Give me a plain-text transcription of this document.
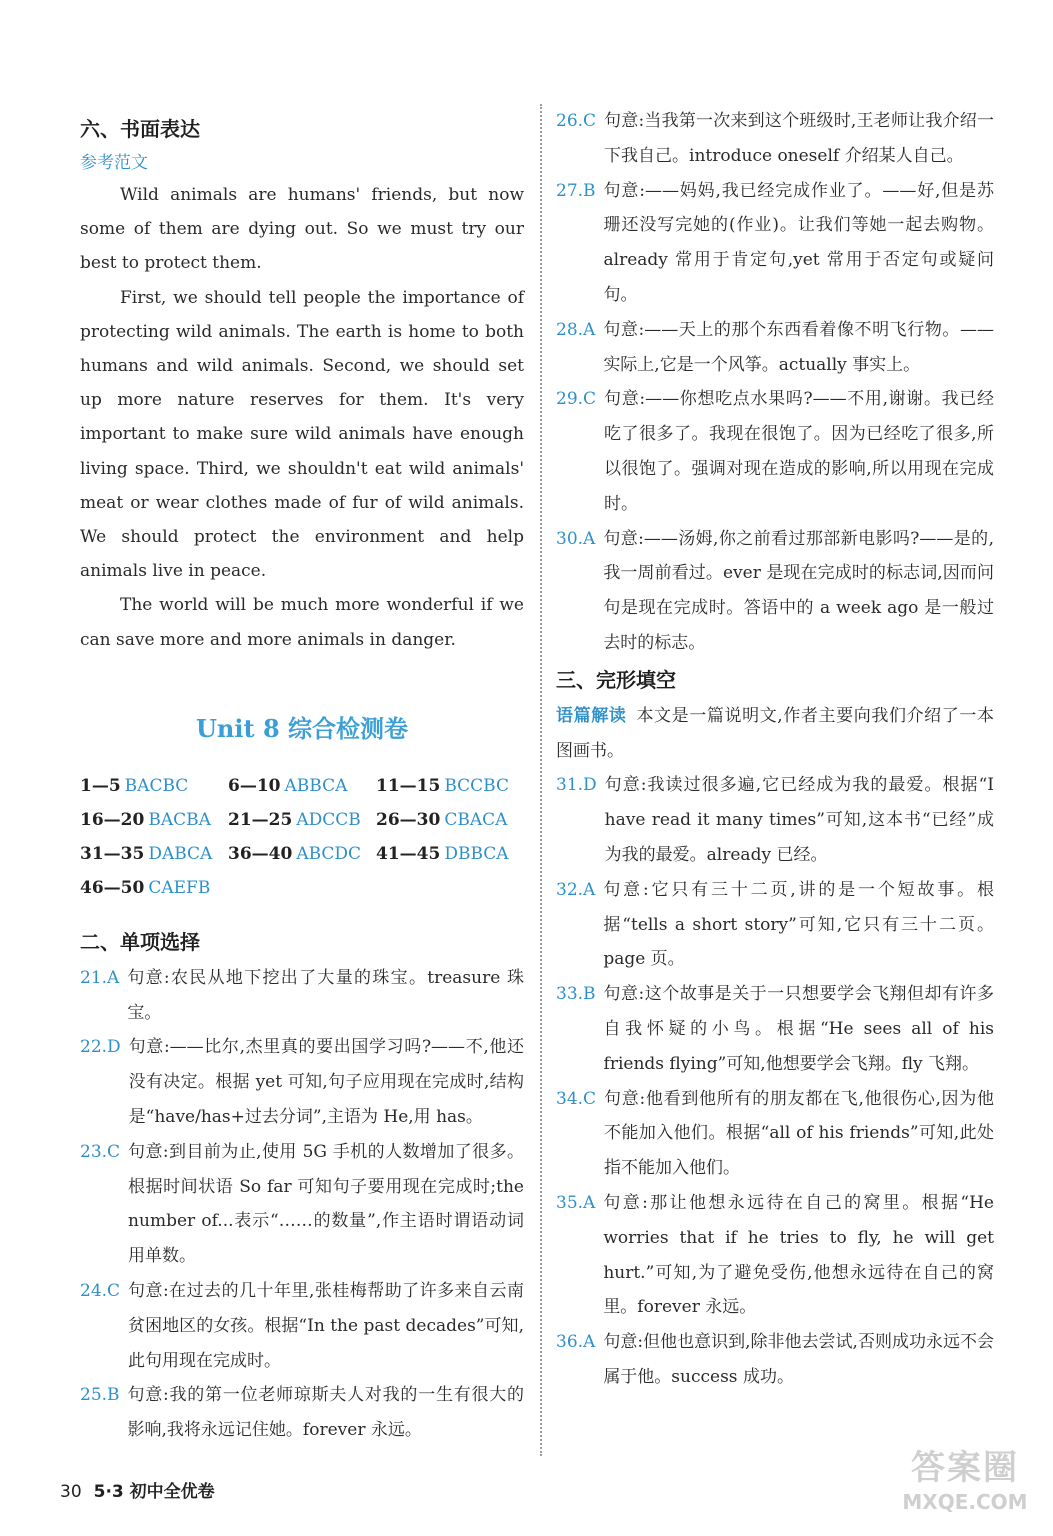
六、书面表达
参考范文

Wild animals are humans' friends, but now some of them are dying out. So we must try our best to protect them.

First, we should tell people the importance of protecting wild animals. The earth is home to both humans and wild animals. Second, we should set up more nature reserves for them. It's very important to make sure wild animals have enough living space. Third, we shouldn't eat wild animals' meat or wear clothes made of fur of wild animals. We should protect the environment and help animals live in peace.

The world will be much more wonderful if we can save more and more animals in danger.

Unit 8 综合检测卷
1—5 BACBC	6—10 ABBCA	11—15 BCCBC
16—20 BACBA	21—25 ADCCB 26—30 CBACA
31—35 DABCA 36—40 ABCDC 41—45 DBBCA
46—50 CAEFB
二、单项选择
21.A 句意:农民从地下挖出了大量的珠宝。treasure 珠宝。
22.D 句意:——比尔,杰里真的要出国学习吗?——不,他还没有决定。根据 yet 可知,句子应用现在完成时,结构是“have/has+过去分词”,主语为 He,用 has。
23.C 句意:到目前为止,使用 5G 手机的人数增加了很多。根据时间状语 So far 可知句子要用现在完成时;the number of...表示“……的数量”,作主语时谓语动词用单数。
24.C 句意:在过去的几十年里,张桂梅帮助了许多来自云南贫困地区的女孩。根据“In the past decades”可知,此句用现在完成时。
25.B 句意:我的第一位老师琼斯夫人对我的一生有很大的影响,我将永远记住她。forever 永远。
26.C 句意:当我第一次来到这个班级时,王老师让我介绍一下我自己。introduce oneself 介绍某人自己。
27.B 句意:——妈妈,我已经完成作业了。——好,但是苏珊还没写完她的(作业)。让我们等她一起去购物。already 常用于肯定句,yet 常用于否定句或疑问句。
28.A 句意:——天上的那个东西看着像不明飞行物。——实际上,它是一个风筝。actually 事实上。
29.C 句意:——你想吃点水果吗?——不用,谢谢。我已经吃了很多了。我现在很饱了。因为已经吃了很多,所以很饱了。强调对现在造成的影响,所以用现在完成时。
30.A 句意:——汤姆,你之前看过那部新电影吗?——是的,我一周前看过。ever 是现在完成时的标志词,因而问句是现在完成时。答语中的 a week ago 是一般过去时的标志。
三、完形填空
语篇解读 本文是一篇说明文,作者主要向我们介绍了一本图画书。
31.D 句意:我读过很多遍,它已经成为我的最爱。根据“I have read it many times”可知,这本书“已经”成为我的最爱。already 已经。
32.A 句意:它只有三十二页,讲的是一个短故事。根据“tells a short story”可知,它只有三十二页。page 页。
33.B 句意:这个故事是关于一只想要学会飞翔但却有许多自我怀疑的小鸟。根据“He sees all of his friends flying”可知,他想要学会飞翔。fly 飞翔。
34.C 句意:他看到他所有的朋友都在飞,他很伤心,因为他不能加入他们。根据“all of his friends”可知,此处指不能加入他们。
35.A 句意:那让他想永远待在自己的窝里。根据“He worries that if he tries to fly, he will get hurt.”可知,为了避免受伤,他想永远待在自己的窝里。forever 永远。
36.A 句意:但他也意识到,除非他去尝试,否则成功永远不会属于他。success 成功。
30 5·3 初中全优卷
答案圈
MXQE.COM
